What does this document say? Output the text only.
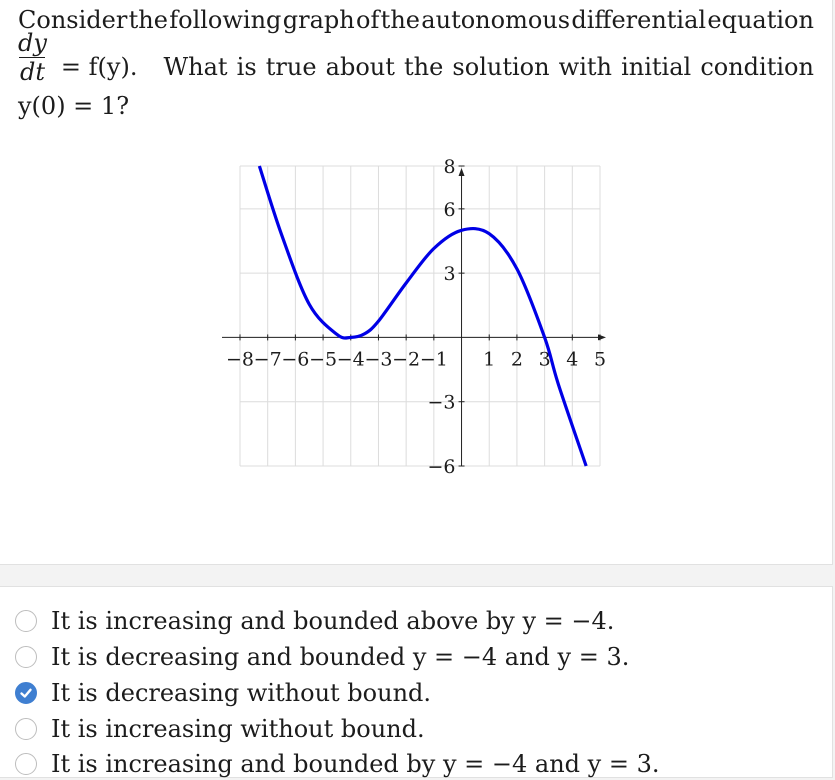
Consider the following graph of the autonomous differential equation
$\frac{dy}{dt} = f(y)$. What is true about the solution with initial condition
y(0) = 1?
−8 −7 −6 −5 −4 −3 −2 −1 1 2 3 4 5
8
6
3
−3
−6
It is increasing and bounded above by y = −4.
It is decreasing and bounded y = −4 and y = 3.
It is decreasing without bound.
It is increasing without bound.
It is increasing and bounded by y = −4 and y = 3.
